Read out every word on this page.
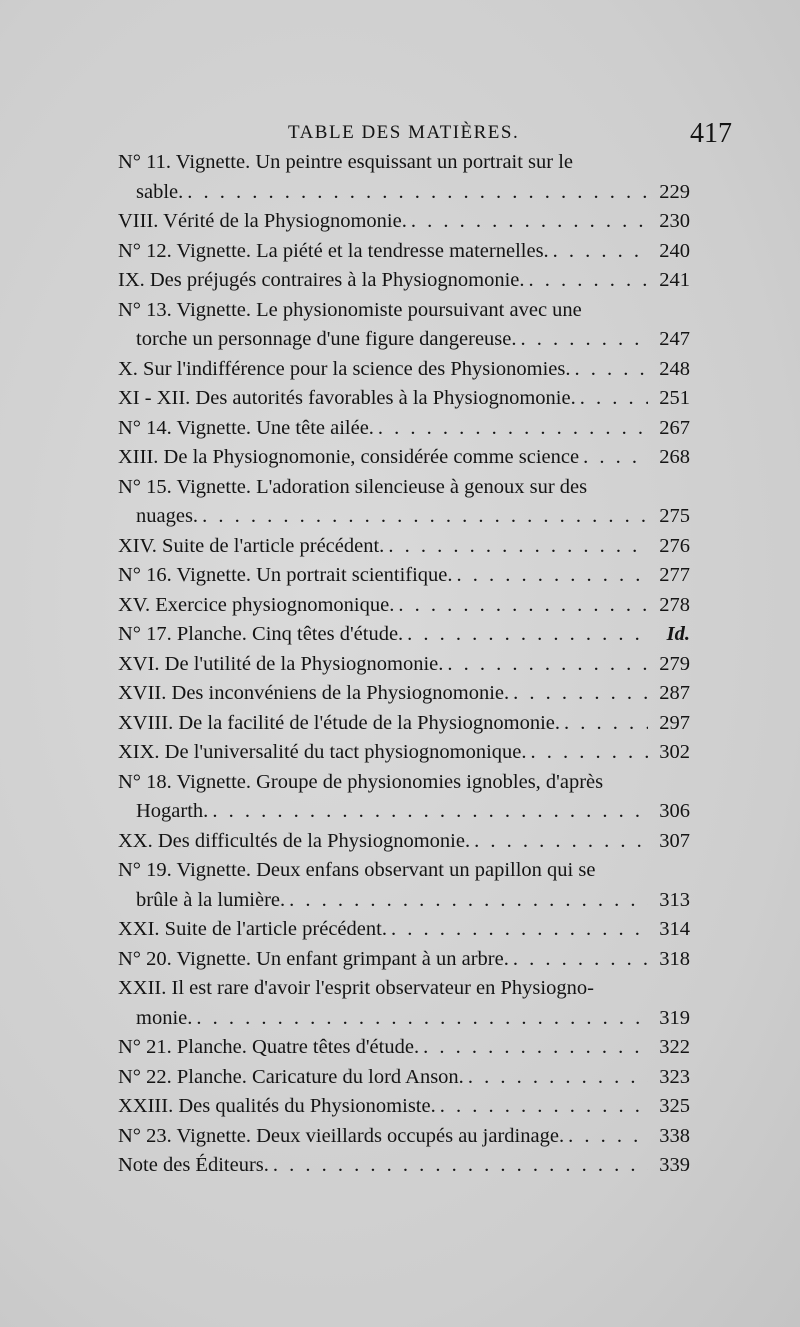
TABLE DES MATIÈRES.	417
N° 11. Vignette. Un peintre esquissant un portrait sur le
sable. . . .	229
VIII. Vérité de la Physiognomonie. . . .	230
N° 12. Vignette. La piété et la tendresse maternelles. . . .	240
IX. Des préjugés contraires à la Physiognomonie. . . .	241
N° 13. Vignette. Le physionomiste poursuivant avec une
torche un personnage d'une figure dangereuse. . . .	247
X. Sur l'indifférence pour la science des Physionomies. . . .	248
XI - XII. Des autorités favorables à la Physiognomonie. . . .	251
N° 14. Vignette. Une tête ailée. . . .	267
XIII. De la Physiognomonie, considérée comme science . . .	268
N° 15. Vignette. L'adoration silencieuse à genoux sur des
nuages. . . .	275
XIV. Suite de l'article précédent. . . .	276
N° 16. Vignette. Un portrait scientifique. . . .	277
XV. Exercice physiognomonique. . . .	278
N° 17. Planche. Cinq têtes d'étude. . . .	Id.
XVI. De l'utilité de la Physiognomonie. . . .	279
XVII. Des inconvéniens de la Physiognomonie. . . .	287
XVIII. De la facilité de l'étude de la Physiognomonie. . . .	297
XIX. De l'universalité du tact physiognomonique. . . .	302
N° 18. Vignette. Groupe de physionomies ignobles, d'après
Hogarth. . . .	306
XX. Des difficultés de la Physiognomonie. . . .	307
N° 19. Vignette. Deux enfans observant un papillon qui se
brûle à la lumière. . . .	313
XXI. Suite de l'article précédent. . . .	314
N° 20. Vignette. Un enfant grimpant à un arbre. . . .	318
XXII. Il est rare d'avoir l'esprit observateur en Physiogno-
monie. . . .	319
N° 21. Planche. Quatre têtes d'étude. . . .	322
N° 22. Planche. Caricature du lord Anson. . . .	323
XXIII. Des qualités du Physionomiste. . . .	325
N° 23. Vignette. Deux vieillards occupés au jardinage. . . .	338
Note des Éditeurs. . . .	339
